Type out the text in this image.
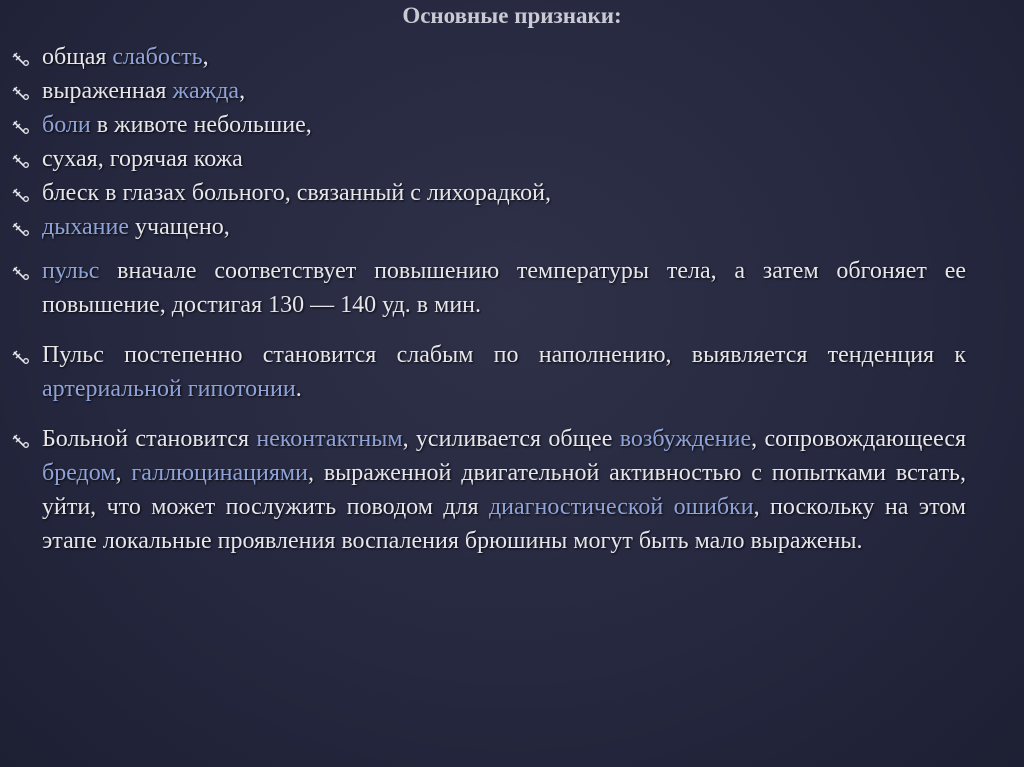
Основные признаки:
общая слабость,
выраженная жажда,
боли в животе небольшие,
сухая, горячая кожа
блеск в глазах больного, связанный с лихорадкой,
дыхание учащено,
пульс вначале соответствует повышению температуры тела, а затем обгоняет ее повышение, достигая 130 — 140 уд. в мин.
Пульс постепенно становится слабым по наполнению, выявляется тенденция к артериальной гипотонии.
Больной становится неконтактным, усиливается общее возбуждение, сопровождающееся бредом, галлюцинациями, выраженной двигательной активностью с попытками встать, уйти, что может послужить поводом для диагностической ошибки, поскольку на этом этапе локальные проявления воспаления брюшины могут быть мало выражены.
